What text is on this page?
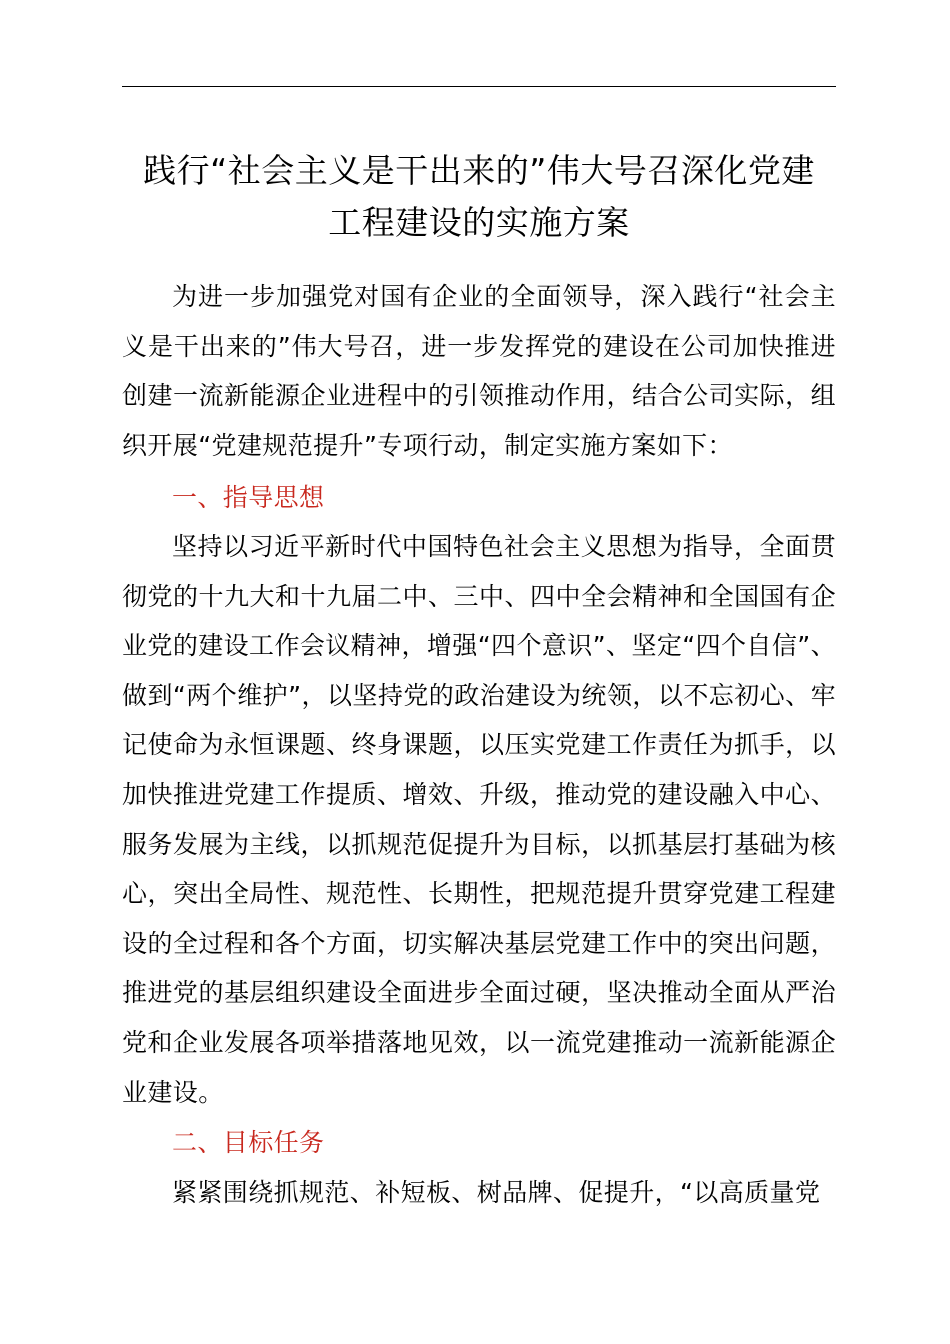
践行“社会主义是干出来的”伟大号召深化党建
工程建设的实施方案

为进一步加强党对国有企业的全面领导，深入践行“社会主义是干出来的”伟大号召，进一步发挥党的建设在公司加快推进创建一流新能源企业进程中的引领推动作用，结合公司实际，组织开展“党建规范提升”专项行动，制定实施方案如下：

一、指导思想

坚持以习近平新时代中国特色社会主义思想为指导，全面贯彻党的十九大和十九届二中、三中、四中全会精神和全国国有企业党的建设工作会议精神，增强“四个意识”、坚定“四个自信”、做到“两个维护”，以坚持党的政治建设为统领，以不忘初心、牢记使命为永恒课题、终身课题，以压实党建工作责任为抓手，以加快推进党建工作提质、增效、升级，推动党的建设融入中心、服务发展为主线，以抓规范促提升为目标，以抓基层打基础为核心，突出全局性、规范性、长期性，把规范提升贯穿党建工程建设的全过程和各个方面，切实解决基层党建工作中的突出问题，推进党的基层组织建设全面进步全面过硬，坚决推动全面从严治党和企业发展各项举措落地见效，以一流党建推动一流新能源企业建设。

二、目标任务

紧紧围绕抓规范、补短板、树品牌、促提升，“以高质量党
